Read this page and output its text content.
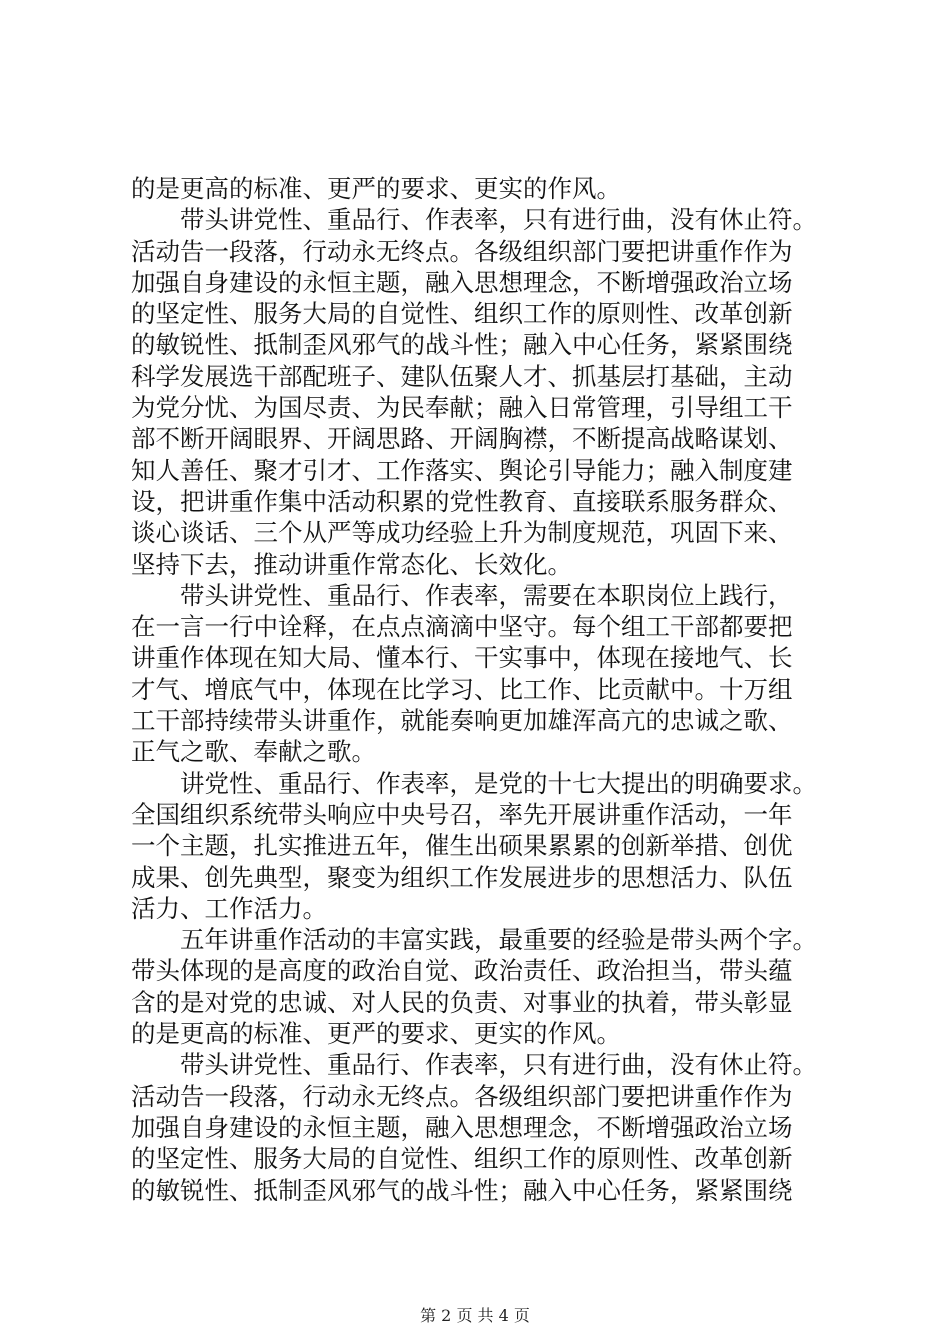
的是更高的标准、更严的要求、更实的作风。
带头讲党性、重品行、作表率，只有进行曲，没有休止符。
活动告一段落，行动永无终点。各级组织部门要把讲重作作为
加强自身建设的永恒主题，融入思想理念，不断增强政治立场
的坚定性、服务大局的自觉性、组织工作的原则性、改革创新
的敏锐性、抵制歪风邪气的战斗性；融入中心任务，紧紧围绕
科学发展选干部配班子、建队伍聚人才、抓基层打基础，主动
为党分忧、为国尽责、为民奉献；融入日常管理，引导组工干
部不断开阔眼界、开阔思路、开阔胸襟，不断提高战略谋划、
知人善任、聚才引才、工作落实、舆论引导能力；融入制度建
设，把讲重作集中活动积累的党性教育、直接联系服务群众、
谈心谈话、三个从严等成功经验上升为制度规范，巩固下来、
坚持下去，推动讲重作常态化、长效化。
带头讲党性、重品行、作表率，需要在本职岗位上践行，
在一言一行中诠释，在点点滴滴中坚守。每个组工干部都要把
讲重作体现在知大局、懂本行、干实事中，体现在接地气、长
才气、增底气中，体现在比学习、比工作、比贡献中。十万组
工干部持续带头讲重作，就能奏响更加雄浑高亢的忠诚之歌、
正气之歌、奉献之歌。
讲党性、重品行、作表率，是党的十七大提出的明确要求。
全国组织系统带头响应中央号召，率先开展讲重作活动，一年
一个主题，扎实推进五年，催生出硕果累累的创新举措、创优
成果、创先典型，聚变为组织工作发展进步的思想活力、队伍
活力、工作活力。
五年讲重作活动的丰富实践，最重要的经验是带头两个字。
带头体现的是高度的政治自觉、政治责任、政治担当，带头蕴
含的是对党的忠诚、对人民的负责、对事业的执着，带头彰显
的是更高的标准、更严的要求、更实的作风。
带头讲党性、重品行、作表率，只有进行曲，没有休止符。
活动告一段落，行动永无终点。各级组织部门要把讲重作作为
加强自身建设的永恒主题，融入思想理念，不断增强政治立场
的坚定性、服务大局的自觉性、组织工作的原则性、改革创新
的敏锐性、抵制歪风邪气的战斗性；融入中心任务，紧紧围绕
第 2 页 共 4 页
